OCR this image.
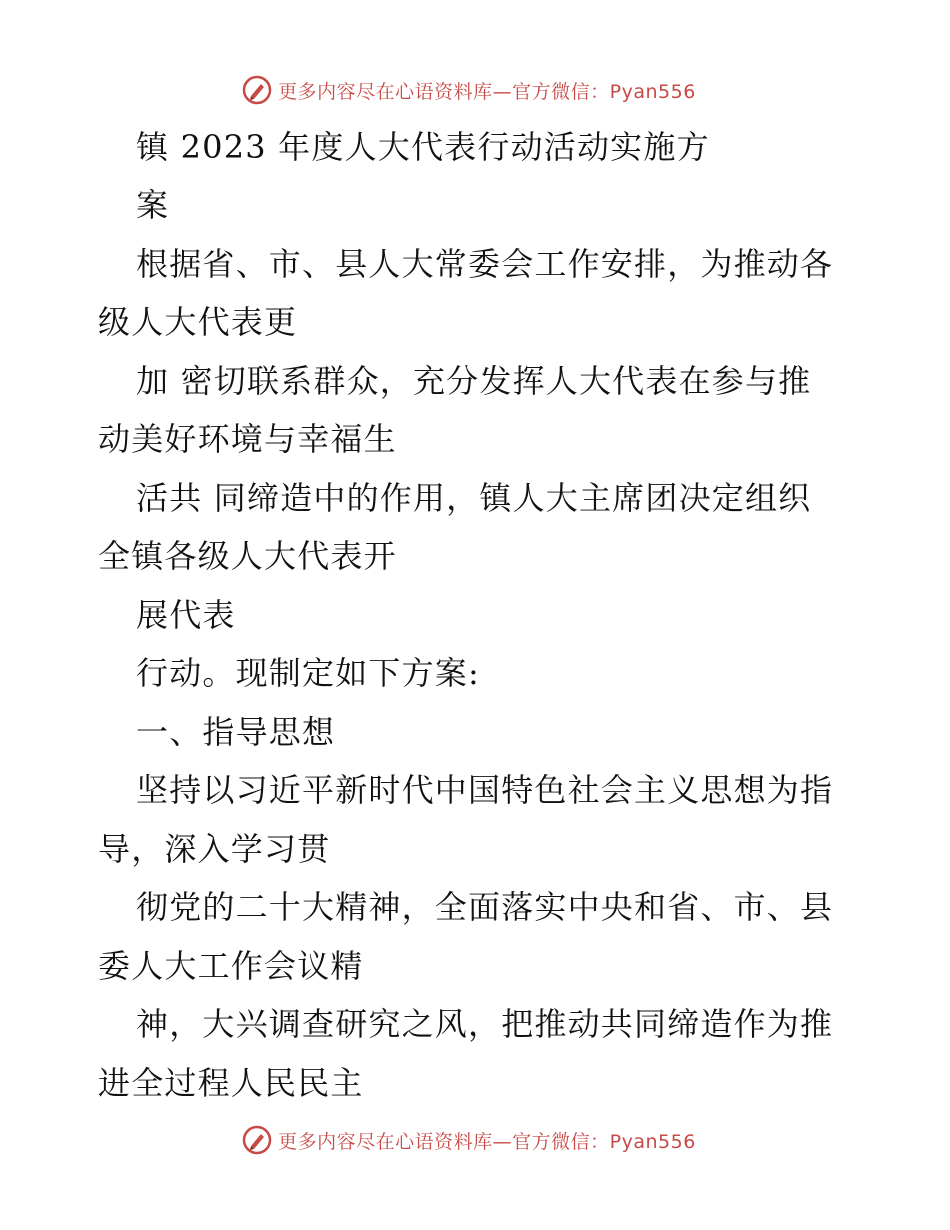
更多内容尽在心语资料库—官方微信：Pyan556
镇 2023 年度人大代表行动活动实施方
案
根据省、市、县人大常委会工作安排，为推动各
级人大代表更
加 密切联系群众，充分发挥人大代表在参与推
动美好环境与幸福生
活共 同缔造中的作用，镇人大主席团决定组织
全镇各级人大代表开
展代表
行动。现制定如下方案:
一、指导思想
坚持以习近平新时代中国特色社会主义思想为指
导，深入学习贯
彻党的二十大精神，全面落实中央和省、市、县
委人大工作会议精
神，大兴调查研究之风，把推动共同缔造作为推
进全过程人民民主
更多内容尽在心语资料库—官方微信：Pyan556
